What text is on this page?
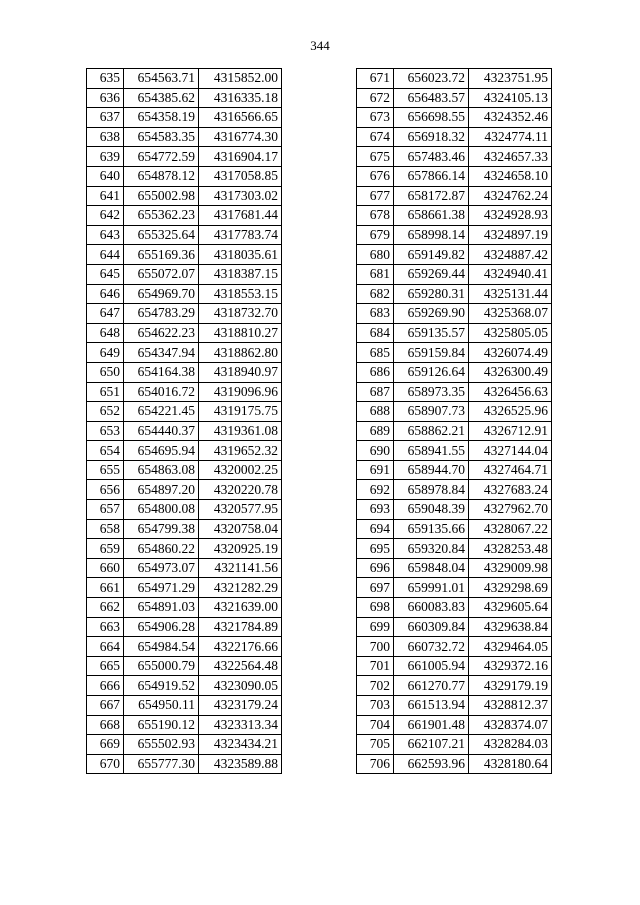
344
635	654563.71	4315852.00
636	654385.62	4316335.18
637	654358.19	4316566.65
638	654583.35	4316774.30
639	654772.59	4316904.17
640	654878.12	4317058.85
641	655002.98	4317303.02
642	655362.23	4317681.44
643	655325.64	4317783.74
644	655169.36	4318035.61
645	655072.07	4318387.15
646	654969.70	4318553.15
647	654783.29	4318732.70
648	654622.23	4318810.27
649	654347.94	4318862.80
650	654164.38	4318940.97
651	654016.72	4319096.96
652	654221.45	4319175.75
653	654440.37	4319361.08
654	654695.94	4319652.32
655	654863.08	4320002.25
656	654897.20	4320220.78
657	654800.08	4320577.95
658	654799.38	4320758.04
659	654860.22	4320925.19
660	654973.07	4321141.56
661	654971.29	4321282.29
662	654891.03	4321639.00
663	654906.28	4321784.89
664	654984.54	4322176.66
665	655000.79	4322564.48
666	654919.52	4323090.05
667	654950.11	4323179.24
668	655190.12	4323313.34
669	655502.93	4323434.21
670	655777.30	4323589.88
671	656023.72	4323751.95
672	656483.57	4324105.13
673	656698.55	4324352.46
674	656918.32	4324774.11
675	657483.46	4324657.33
676	657866.14	4324658.10
677	658172.87	4324762.24
678	658661.38	4324928.93
679	658998.14	4324897.19
680	659149.82	4324887.42
681	659269.44	4324940.41
682	659280.31	4325131.44
683	659269.90	4325368.07
684	659135.57	4325805.05
685	659159.84	4326074.49
686	659126.64	4326300.49
687	658973.35	4326456.63
688	658907.73	4326525.96
689	658862.21	4326712.91
690	658941.55	4327144.04
691	658944.70	4327464.71
692	658978.84	4327683.24
693	659048.39	4327962.70
694	659135.66	4328067.22
695	659320.84	4328253.48
696	659848.04	4329009.98
697	659991.01	4329298.69
698	660083.83	4329605.64
699	660309.84	4329638.84
700	660732.72	4329464.05
701	661005.94	4329372.16
702	661270.77	4329179.19
703	661513.94	4328812.37
704	661901.48	4328374.07
705	662107.21	4328284.03
706	662593.96	4328180.64
